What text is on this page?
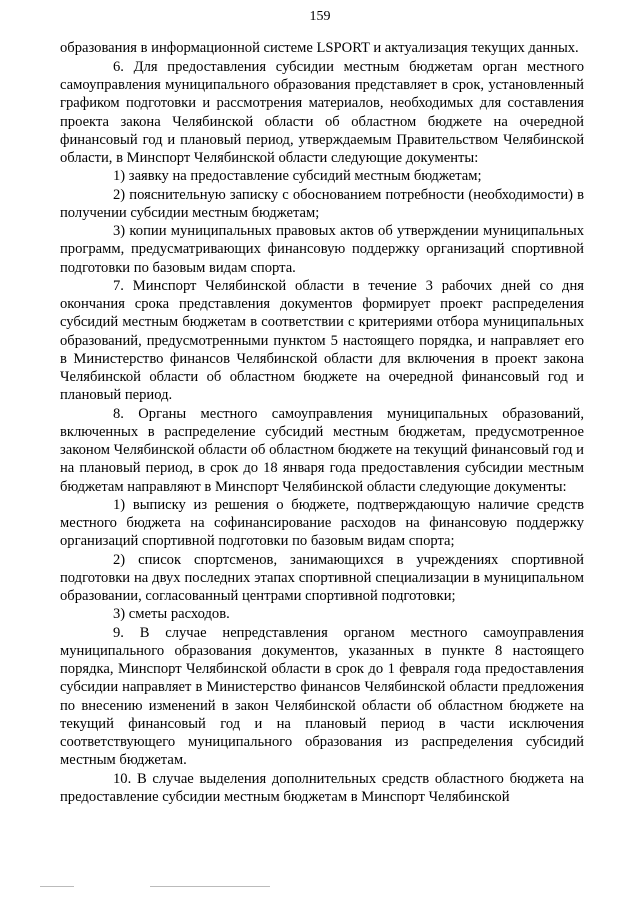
159

образования в информационной системе LSPORT и актуализация текущих данных.

6. Для предоставления субсидии местным бюджетам орган местного самоуправления муниципального образования представляет в срок, установленный графиком подготовки и рассмотрения материалов, необходимых для составления проекта закона Челябинской области об областном бюджете на очередной финансовый год и плановый период, утверждаемым Правительством Челябинской области, в Минспорт Челябинской области следующие документы:

1) заявку на предоставление субсидий местным бюджетам;

2) пояснительную записку с обоснованием потребности (необходимости) в получении субсидии местным бюджетам;

3) копии муниципальных правовых актов об утверждении муниципальных программ, предусматривающих финансовую поддержку организаций спортивной подготовки по базовым видам спорта.

7. Минспорт Челябинской области в течение 3 рабочих дней со дня окончания срока представления документов формирует проект распределения субсидий местным бюджетам в соответствии с критериями отбора муниципальных образований, предусмотренными пунктом 5 настоящего порядка, и направляет его в Министерство финансов Челябинской области для включения в проект закона Челябинской области об областном бюджете на очередной финансовый год и плановый период.

8. Органы местного самоуправления муниципальных образований, включенных в распределение субсидий местным бюджетам, предусмотренное законом Челябинской области об областном бюджете на текущий финансовый год и на плановый период, в срок до 18 января года предоставления субсидии местным бюджетам направляют в Минспорт Челябинской области следующие документы:

1) выписку из решения о бюджете, подтверждающую наличие средств местного бюджета на софинансирование расходов на финансовую поддержку организаций спортивной подготовки по базовым видам спорта;

2) список спортсменов, занимающихся в учреждениях спортивной подготовки на двух последних этапах спортивной специализации в муниципальном образовании, согласованный центрами спортивной подготовки;

3) сметы расходов.

9. В случае непредставления органом местного самоуправления муниципального образования документов, указанных в пункте 8 настоящего порядка, Минспорт Челябинской области в срок до 1 февраля года предоставления субсидии направляет в Министерство финансов Челябинской области предложения по внесению изменений в закон Челябинской области об областном бюджете на текущий финансовый год и на плановый период в части исключения соответствующего муниципального образования из распределения субсидий местным бюджетам.

10. В случае выделения дополнительных средств областного бюджета на предоставление субсидии местным бюджетам в Минспорт Челябинской
